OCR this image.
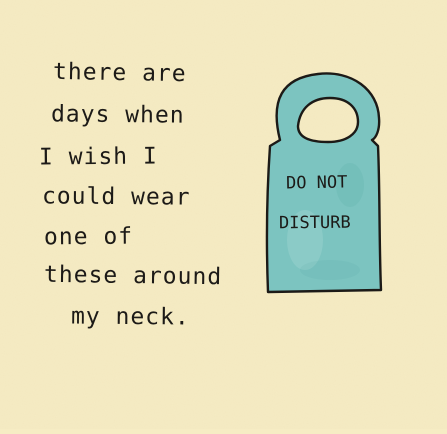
there are
days when
I wish I
could wear
one of
these around
my neck.
DO NOT
DISTURB
